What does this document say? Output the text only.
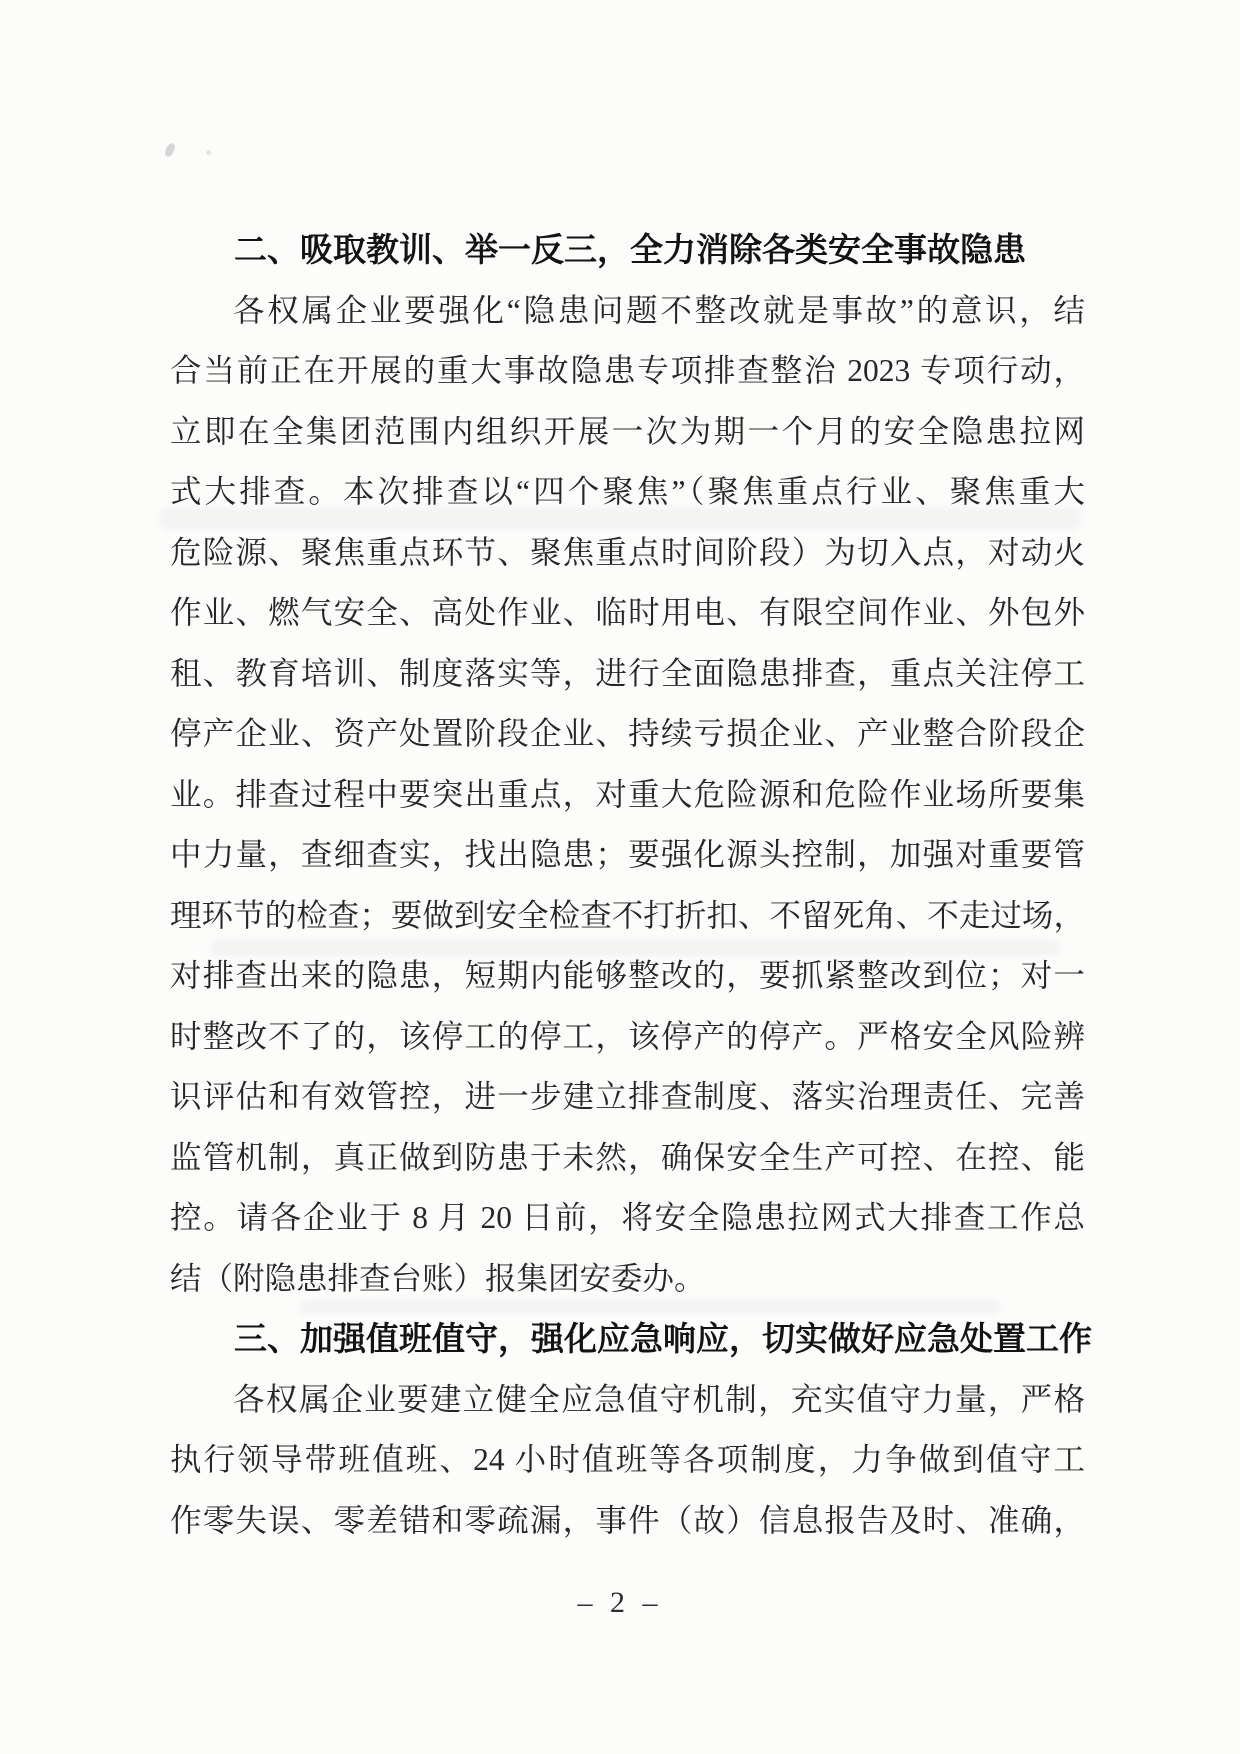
二、吸取教训、举一反三，全力消除各类安全事故隐患
各权属企业要强化“隐患问题不整改就是事故”的意识，结
合当前正在开展的重大事故隐患专项排查整治 2023 专项行动，
立即在全集团范围内组织开展一次为期一个月的安全隐患拉网
式大排查。本次排查以“四个聚焦”（聚焦重点行业、聚焦重大
危险源、聚焦重点环节、聚焦重点时间阶段）为切入点，对动火
作业、燃气安全、高处作业、临时用电、有限空间作业、外包外
租、教育培训、制度落实等，进行全面隐患排查，重点关注停工
停产企业、资产处置阶段企业、持续亏损企业、产业整合阶段企
业。排查过程中要突出重点，对重大危险源和危险作业场所要集
中力量，查细查实，找出隐患；要强化源头控制，加强对重要管
理环节的检查；要做到安全检查不打折扣、不留死角、不走过场，
对排查出来的隐患，短期内能够整改的，要抓紧整改到位；对一
时整改不了的，该停工的停工，该停产的停产。严格安全风险辨
识评估和有效管控，进一步建立排查制度、落实治理责任、完善
监管机制，真正做到防患于未然，确保安全生产可控、在控、能
控。请各企业于 8 月 20 日前，将安全隐患拉网式大排查工作总
结（附隐患排查台账）报集团安委办。
三、加强值班值守，强化应急响应，切实做好应急处置工作
各权属企业要建立健全应急值守机制，充实值守力量，严格
执行领导带班值班、24 小时值班等各项制度，力争做到值守工
作零失误、零差错和零疏漏，事件（故）信息报告及时、准确，
– 2 –
